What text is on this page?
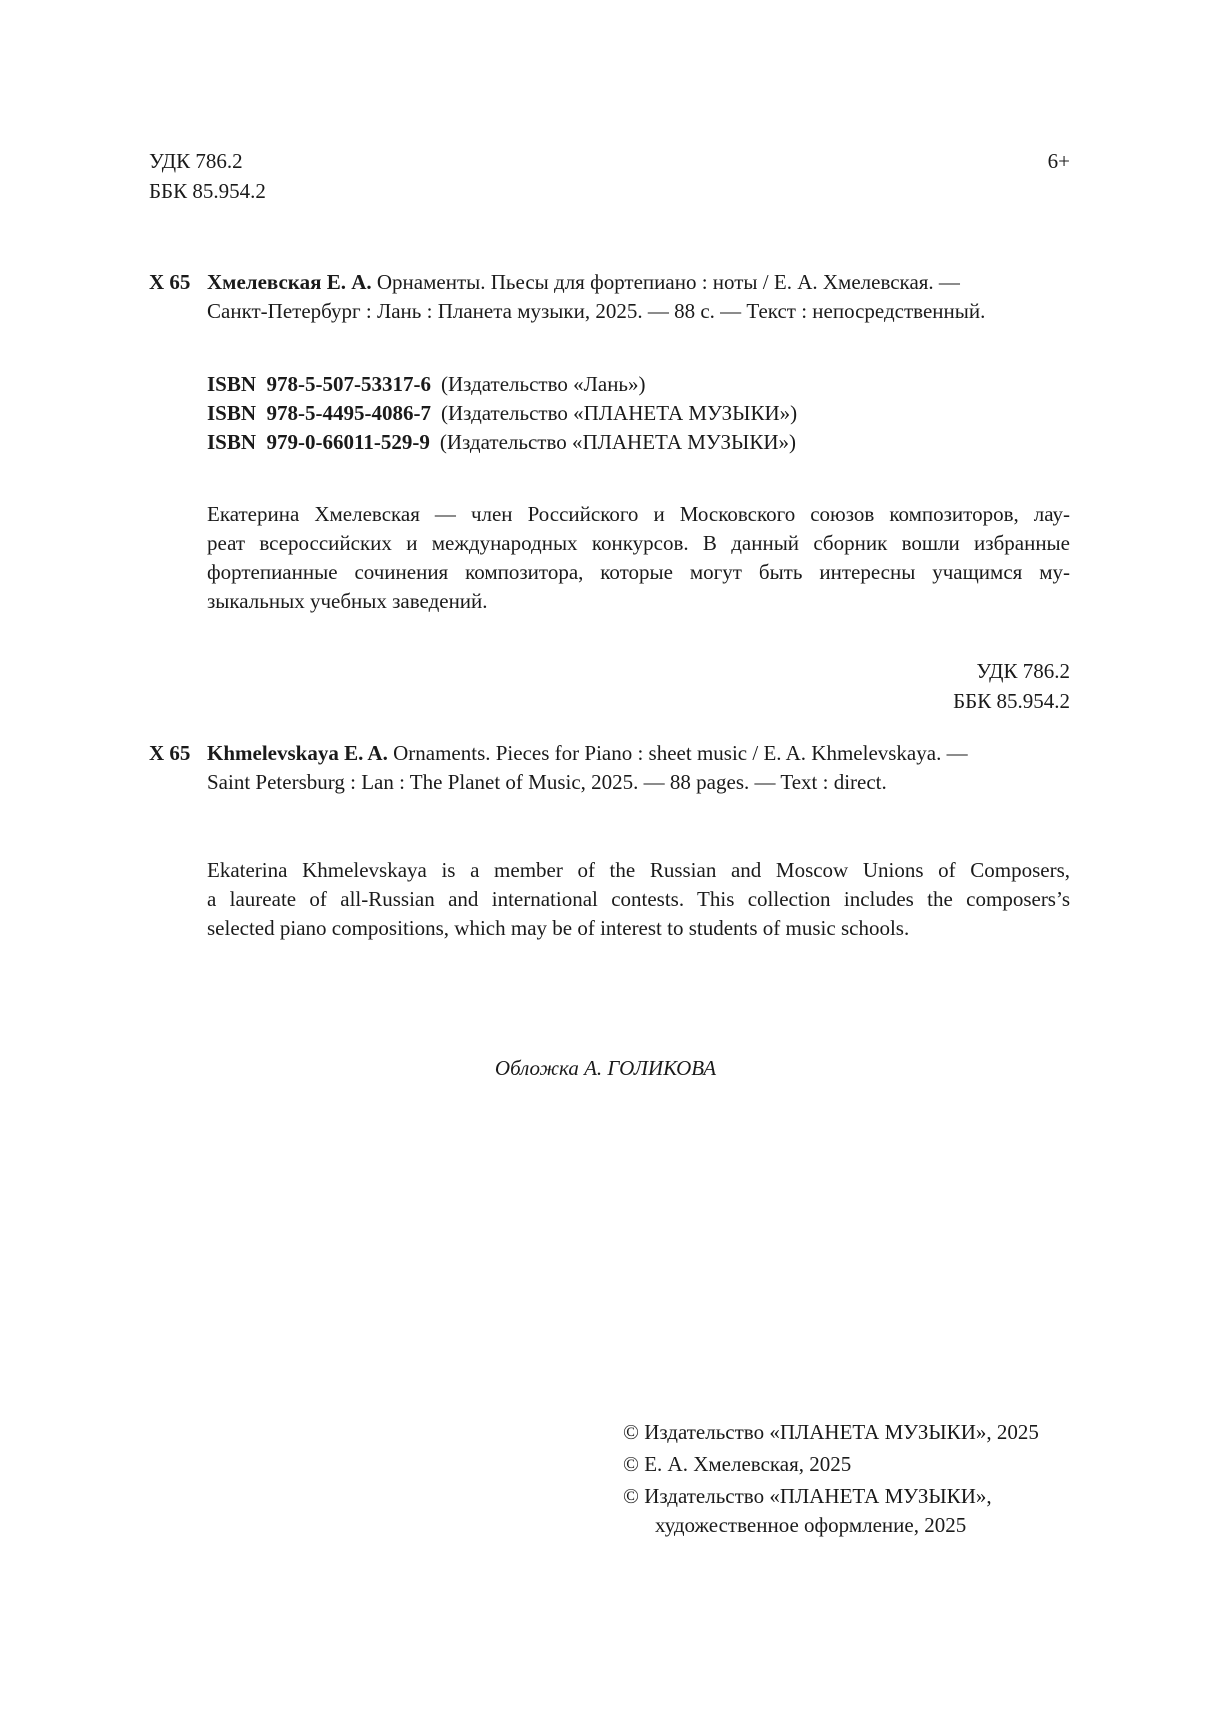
УДК 786.2
ББК 85.954.2
6+
Х 65 Хмелевская Е. А. Орнаменты. Пьесы для фортепиано : ноты / Е. А. Хмелевская. —
Санкт-Петербург : Лань : Планета музыки, 2025. — 88 с. — Текст : непосредственный.
ISBN 978-5-507-53317-6 (Издательство «Лань»)
ISBN 978-5-4495-4086-7 (Издательство «ПЛАНЕТА МУЗЫКИ»)
ISBN 979-0-66011-529-9 (Издательство «ПЛАНЕТА МУЗЫКИ»)
Екатерина Хмелевская — член Российского и Московского союзов композиторов, лау-
реат всероссийских и международных конкурсов. В данный сборник вошли избранные
фортепианные сочинения композитора, которые могут быть интересны учащимся му-
зыкальных учебных заведений.
УДК 786.2
ББК 85.954.2
Х 65 Khmelevskaya E. A. Ornaments. Pieces for Piano : sheet music / E. A. Khmelevskaya. —
Saint Petersburg : Lan : The Planet of Music, 2025. — 88 pages. — Text : direct.
Ekaterina Khmelevskaya is a member of the Russian and Moscow Unions of Composers,
a laureate of all-Russian and international contests. This collection includes the composers’s
selected piano compositions, which may be of interest to students of music schools.
Обложка А. ГОЛИКОВА
© Издательство «ПЛАНЕТА МУЗЫКИ», 2025
© Е. А. Хмелевская, 2025
© Издательство «ПЛАНЕТА МУЗЫКИ»,
художественное оформление, 2025
